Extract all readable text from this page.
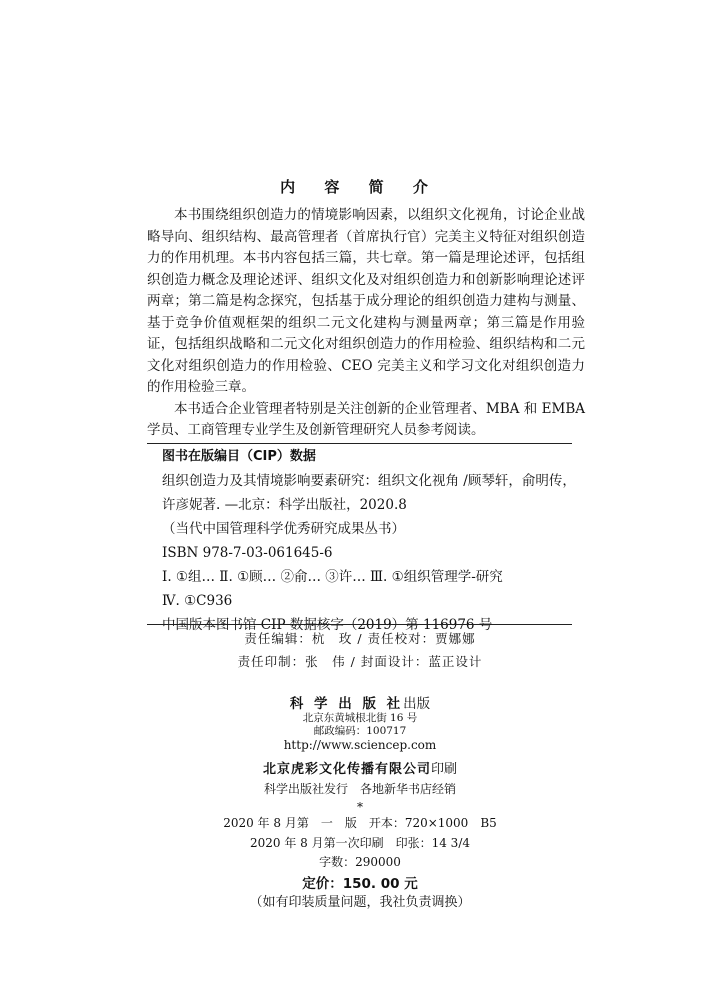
内 容 简 介

本书围绕组织创造力的情境影响因素，以组织文化视角，讨论企业战略导向、组织结构、最高管理者（首席执行官）完美主义特征对组织创造力的作用机理。本书内容包括三篇，共七章。第一篇是理论述评，包括组织创造力概念及理论述评、组织文化及对组织创造力和创新影响理论述评两章；第二篇是构念探究，包括基于成分理论的组织创造力建构与测量、基于竞争价值观框架的组织二元文化建构与测量两章；第三篇是作用验证，包括组织战略和二元文化对组织创造力的作用检验、组织结构和二元文化对组织创造力的作用检验、CEO 完美主义和学习文化对组织创造力的作用检验三章。

本书适合企业管理者特别是关注创新的企业管理者、MBA 和 EMBA 学员、工商管理专业学生及创新管理研究人员参考阅读。

图书在版编目（CIP）数据
组织创造力及其情境影响要素研究：组织文化视角 /顾琴轩，俞明传，
许彦妮著. —北京：科学出版社，2020.8
（当代中国管理科学优秀研究成果丛书）
ISBN 978-7-03-061645-6
Ⅰ. ①组… Ⅱ. ①顾… ②俞… ③许… Ⅲ. ①组织管理学-研究
Ⅳ. ①C936
中国版本图书馆 CIP 数据核字（2019）第 116976 号
责任编辑：杭　玫 / 责任校对：贾娜娜
责任印制：张　伟 / 封面设计：蓝正设计
科 学 出 版 社出版
北京东黄城根北街 16 号
邮政编码：100717
http://www.sciencep.com
北京虎彩文化传播有限公司印刷
科学出版社发行　各地新华书店经销
*
2020 年 8 月第　一　版　开本：720×1000　B5
2020 年 8 月第一次印刷　印张：14 3/4
字数：290000
定价：150. 00 元
（如有印装质量问题，我社负责调换）
